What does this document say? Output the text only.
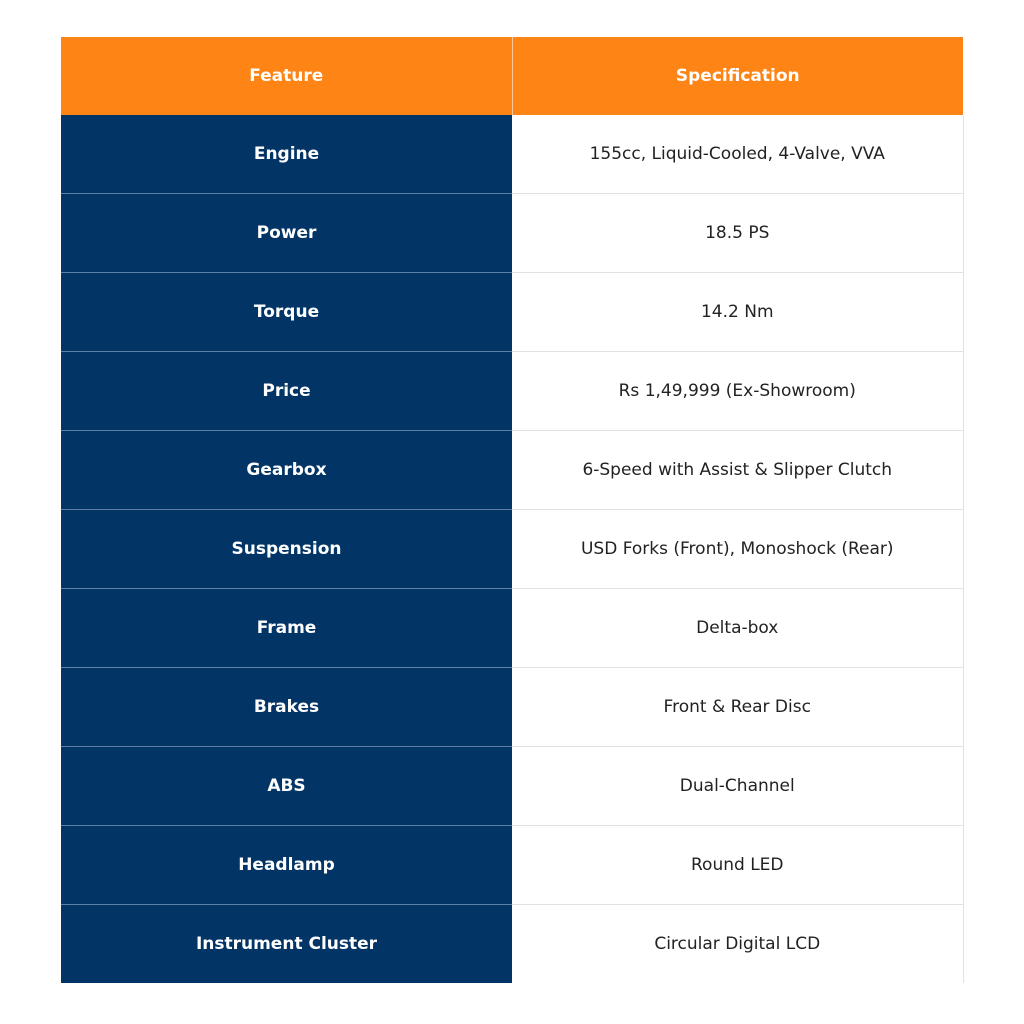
Feature	Specification
Engine	155cc, Liquid-Cooled, 4-Valve, VVA
Power	18.5 PS
Torque	14.2 Nm
Price	Rs 1,49,999 (Ex-Showroom)
Gearbox	6-Speed with Assist & Slipper Clutch
Suspension	USD Forks (Front), Monoshock (Rear)
Frame	Delta-box
Brakes	Front & Rear Disc
ABS	Dual-Channel
Headlamp	Round LED
Instrument Cluster	Circular Digital LCD
